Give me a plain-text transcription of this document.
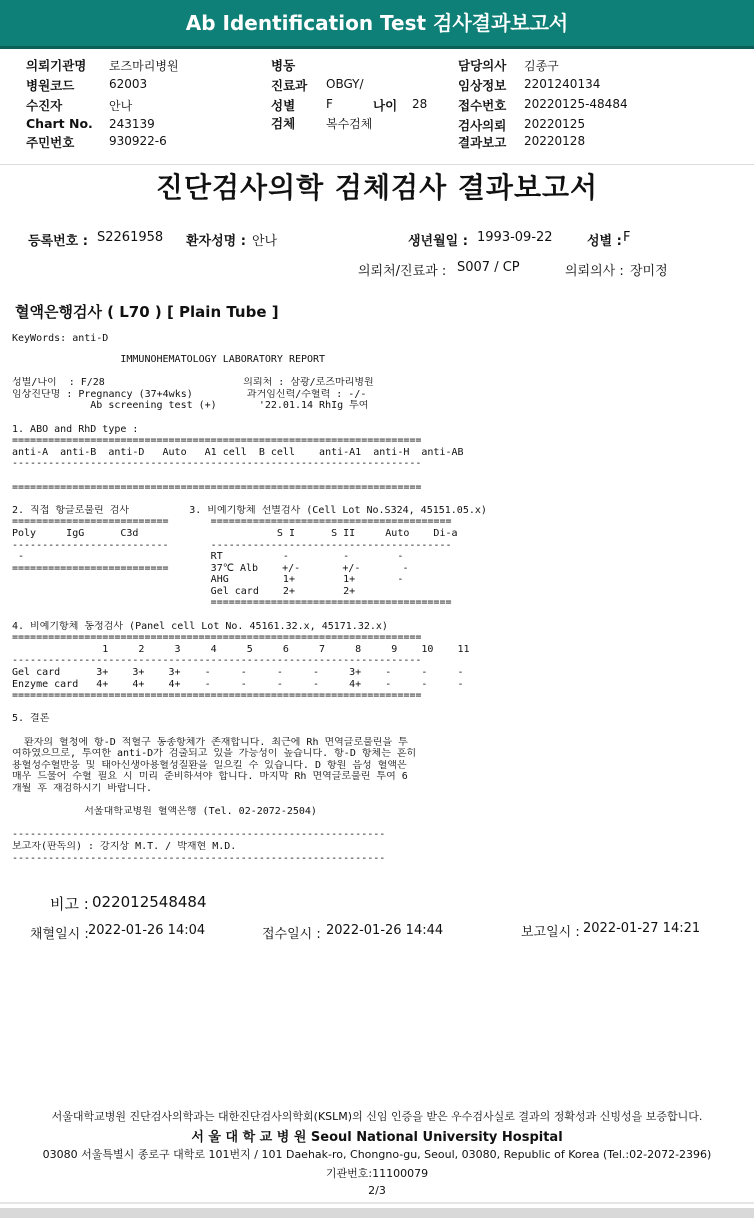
Ab Identification Test 검사결과보고서
의뢰기관명 로즈마리병원	병동	담당의사 김종구
병원코드	62003	진료과 OBGY/	임상정보 2201240134
수진자	안나	성별	F	나이 28 접수번호 20220125-48484
Chart No. 243139	검체	복수검체	검사의뢰 20220125
주민번호	930922-6	결과보고 20220128
진단검사의학 검체검사 결과보고서
등록번호 : S2261958 환자성명 : 안나	생년월일 : 1993-09-22	성별 : F
의뢰처/진료과 : S007 / CP	의뢰의사 : 장미정
혈액은행검사 ( L70 ) [ Plain Tube ]
KeyWords: anti-D
IMMUNOHEMATOLOGY LABORATORY REPORT
성별/나이  : F/28                       의뢰처 : 삼광/로즈마리병원
임상진단명 : Pregnancy (37+4wks)         과거임신력/수혈력 : -/-
Ab screening test (+)       '22.01.14 RhIg 투여
1. ABO and RhD type :
====================================================================
anti-A  anti-B  anti-D   Auto   A1 cell  B cell    anti-A1  anti-H  anti-AB
--------------------------------------------------------------------
====================================================================
2. 직접 항글로불린 검사          3. 비예기항체 선별검사 (Cell Lot No.S324, 45151.05.x)
==========================       ========================================
Poly     IgG      C3d                       S I      S II     Auto    Di-a
--------------------------       ----------------------------------------
-                               RT          -         -        -
==========================       37℃ Alb    +/-       +/-       -
AHG         1+        1+       -
Gel card    2+        2+
========================================
4. 비예기항체 동정검사 (Panel cell Lot No. 45161.32.x, 45171.32.x)
====================================================================
1     2     3     4     5     6     7     8     9    10    11
--------------------------------------------------------------------
Gel card      3+    3+    3+    -     -     -     -     3+    -     -     -
Enzyme card   4+    4+    4+    -     -     -     -     4+    -     -     -
====================================================================
5. 결론
환자의 혈청에 항-D 적혈구 동종항체가 존재합니다. 최근에 Rh 면역글로불린을 투
여하였으므로, 투여한 anti-D가 검출되고 있을 가능성이 높습니다. 항-D 항체는 흔히
용혈성수혈반응 및 태아신생아용혈성질환을 일으킬 수 있습니다. D 항원 음성 혈액은
매우 드물어 수혈 필요 시 미리 준비하셔야 합니다. 마지막 Rh 면역글로불린 투여 6
개월 후 재검하시기 바랍니다.
서울대학교병원 혈액은행 (Tel. 02-2072-2504)
--------------------------------------------------------------
보고자(판독의) : 강지상 M.T. / 박재현 M.D.
--------------------------------------------------------------
비고 : 022012548484
채혈일시 : 2022-01-26 14:04	접수일시 : 2022-01-26 14:44	보고일시 : 2022-01-27 14:21
서울대학교병원 진단검사의학과는 대한진단검사의학회(KSLM)의 신임 인증을 받은 우수검사실로 결과의 정확성과 신빙성을 보증합니다.
서 울 대 학 교 병 원 Seoul National University Hospital
03080 서울특별시 종로구 대학로 101번지 / 101 Daehak-ro, Chongno-gu, Seoul, 03080, Republic of Korea (Tel.:02-2072-2396)
기관번호:11100079
2/3
